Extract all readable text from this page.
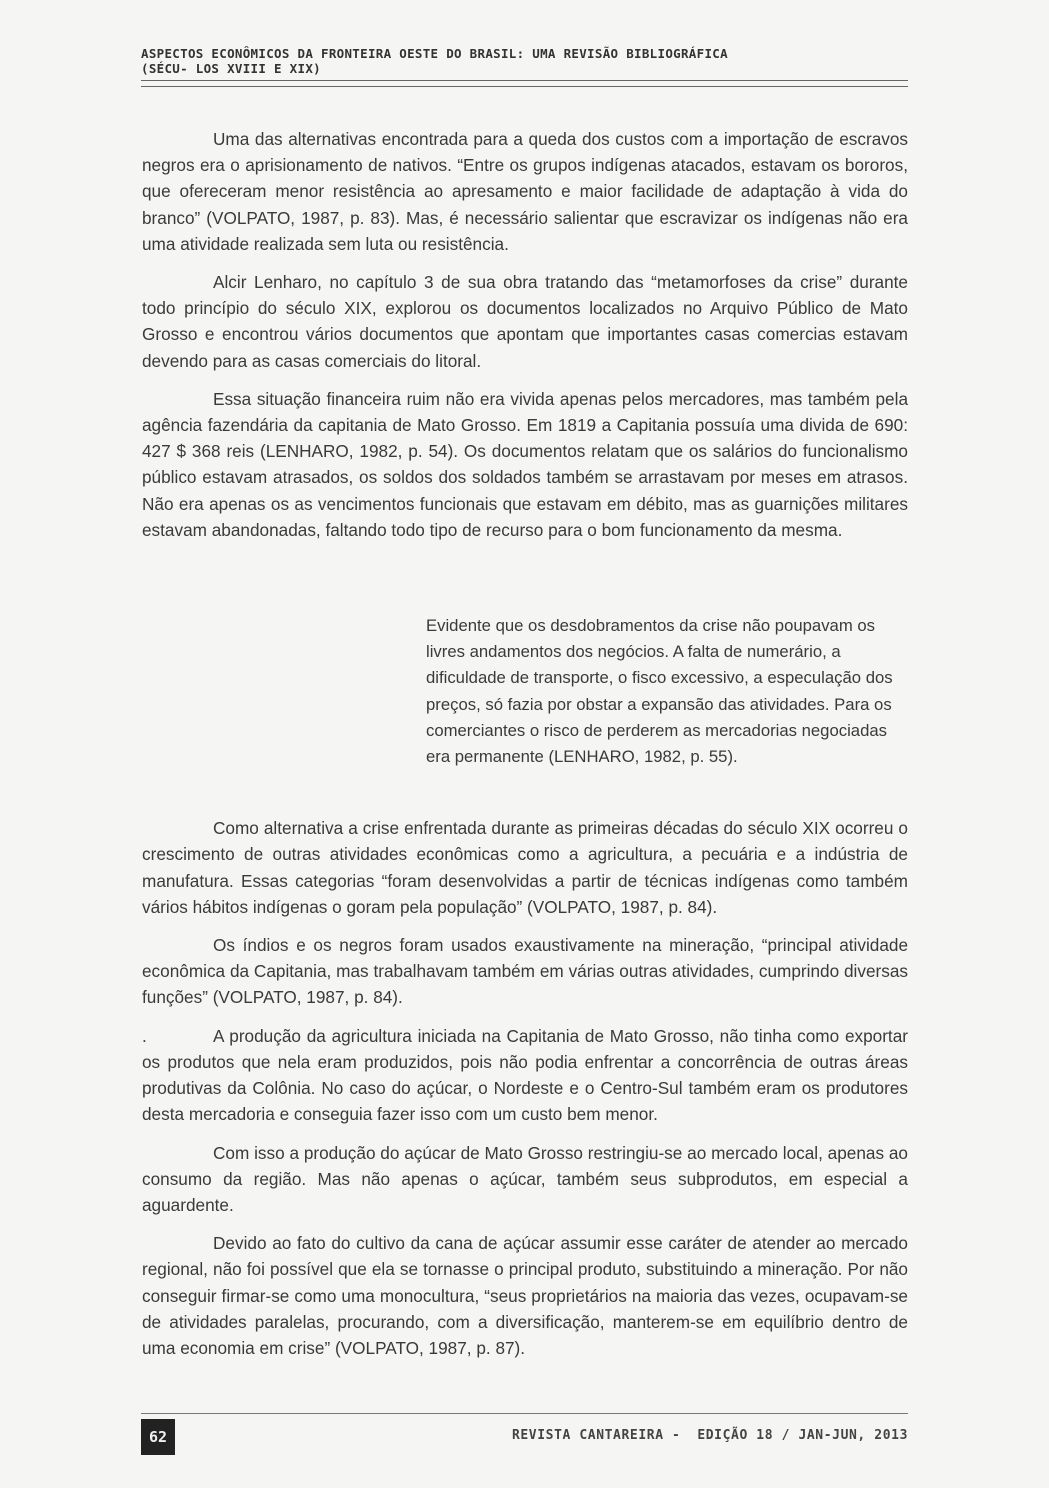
ASPECTOS ECONÔMICOS DA FRONTEIRA OESTE DO BRASIL: UMA REVISÃO BIBLIOGRÁFICA (SÉCU- LOS XVIII E XIX)

Uma das alternativas encontrada para a queda dos custos com a importação de escravos negros era o aprisionamento de nativos. “Entre os grupos indígenas atacados, estavam os bororos, que ofereceram menor resistência ao apresamento e maior facilidade de adaptação à vida do branco” (VOLPATO, 1987, p. 83). Mas, é necessário salientar que escravizar os indígenas não era uma atividade realizada sem luta ou resistência.

Alcir Lenharo, no capítulo 3 de sua obra tratando das “metamorfoses da crise” durante todo princípio do século XIX, explorou os documentos localizados no Arquivo Público de Mato Grosso e encontrou vários documentos que apontam que importantes casas comercias estavam devendo para as casas comerciais do litoral.

Essa situação financeira ruim não era vivida apenas pelos mercadores, mas também pela agência fazendária da capitania de Mato Grosso. Em 1819 a Capitania possuía uma divida de 690: 427 $ 368 reis (LENHARO, 1982, p. 54). Os documentos relatam que os salários do funcionalismo público estavam atrasados, os soldos dos soldados também se arrastavam por meses em atrasos. Não era apenas os as vencimentos funcionais que estavam em débito, mas as guarnições militares estavam abandonadas, faltando todo tipo de recurso para o bom funcionamento da mesma.

Evidente que os desdobramentos da crise não poupavam os livres andamentos dos negócios. A falta de numerário, a dificuldade de transporte, o fisco excessivo, a especulação dos preços, só fazia por obstar a expansão das atividades. Para os comerciantes o risco de perderem as mercadorias negociadas era permanente (LENHARO, 1982, p. 55).

Como alternativa a crise enfrentada durante as primeiras décadas do século XIX ocorreu o crescimento de outras atividades econômicas como a agricultura, a pecuária e a indústria de manufatura. Essas categorias “foram desenvolvidas a partir de técnicas indígenas como também vários hábitos indígenas o goram pela população” (VOLPATO, 1987, p. 84).

Os índios e os negros foram usados exaustivamente na mineração, “principal atividade econômica da Capitania, mas trabalhavam também em várias outras atividades, cumprindo diversas funções” (VOLPATO, 1987, p. 84).

.	A produção da agricultura iniciada na Capitania de Mato Grosso, não tinha como exportar os produtos que nela eram produzidos, pois não podia enfrentar a concorrência de outras áreas produtivas da Colônia. No caso do açúcar, o Nordeste e o Centro-Sul também eram os produtores desta mercadoria e conseguia fazer isso com um custo bem menor.

Com isso a produção do açúcar de Mato Grosso restringiu-se ao mercado local, apenas ao consumo da região. Mas não apenas o açúcar, também seus subprodutos, em especial a aguardente.

Devido ao fato do cultivo da cana de açúcar assumir esse caráter de atender ao mercado regional, não foi possível que ela se tornasse o principal produto, substituindo a mineração. Por não conseguir firmar-se como uma monocultura, “seus proprietários na maioria das vezes, ocupavam-se de atividades paralelas, procurando, com a diversificação, manterem-se em equilíbrio dentro de uma economia em crise” (VOLPATO, 1987, p. 87).

62	REVISTA CANTAREIRA -  EDIÇÃO 18 / JAN-JUN, 2013
